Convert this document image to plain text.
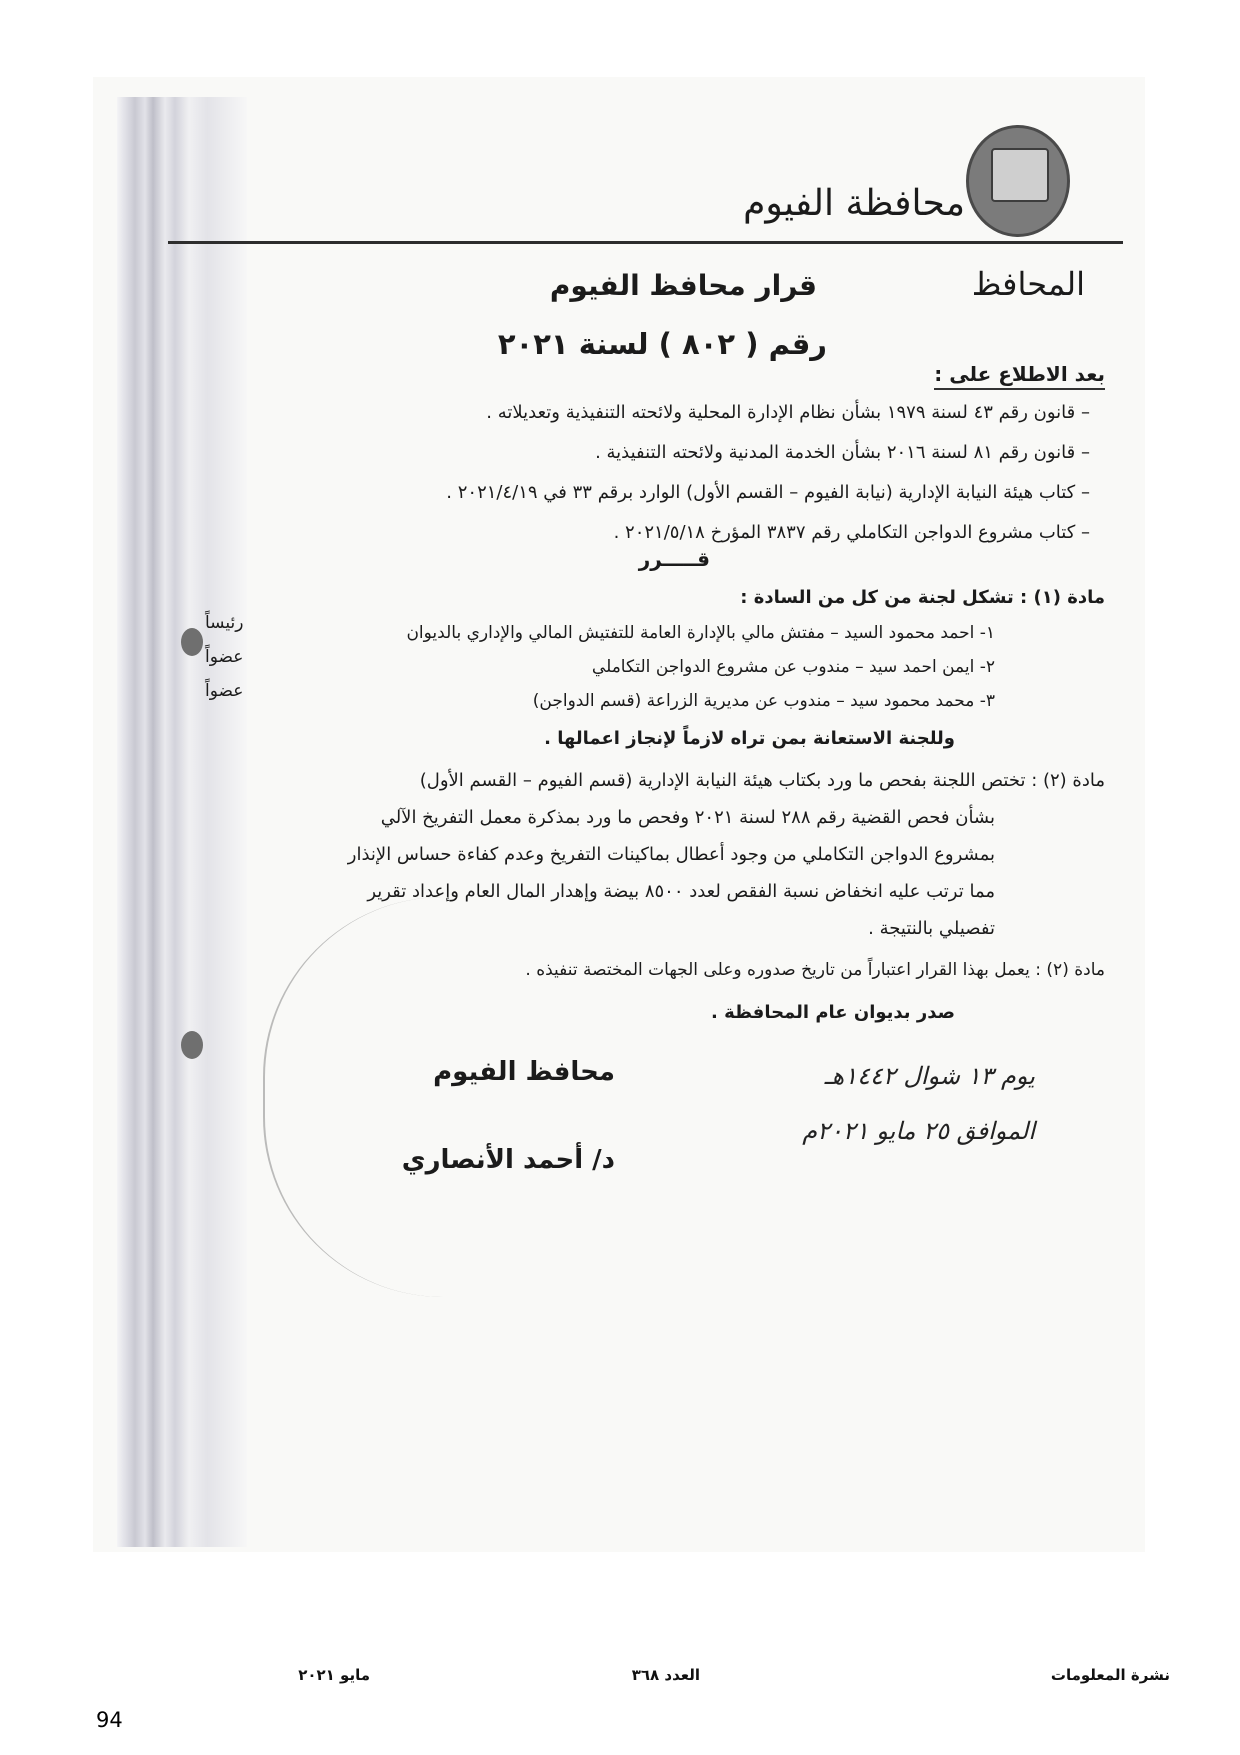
محافظة الفيوم
المحافظ
قرار محافظ الفيوم
رقم ( ٨٠٢ ) لسنة ٢٠٢١
بعد الاطلاع على :
– قانون رقم ٤٣ لسنة ١٩٧٩ بشأن نظام الإدارة المحلية ولائحته التنفيذية وتعديلاته .
– قانون رقم ٨١ لسنة ٢٠١٦ بشأن الخدمة المدنية ولائحته التنفيذية .
– كتاب هيئة النيابة الإدارية (نيابة الفيوم – القسم الأول) الوارد برقم ٣٣ في ٢٠٢١/٤/١٩ .
– كتاب مشروع الدواجن التكاملي رقم ٣٨٣٧ المؤرخ ٢٠٢١/٥/١٨ .
قـــــرر
مادة (١) : تشكل لجنة من كل من السادة :
١- احمد محمود السيد – مفتش مالي بالإدارة العامة للتفتيش المالي والإداري بالديوان
رئيساً
٢- ايمن احمد سيد – مندوب عن مشروع الدواجن التكاملي
عضواً
٣- محمد محمود سيد – مندوب عن مديرية الزراعة (قسم الدواجن)
عضواً
وللجنة الاستعانة بمن تراه لازماً لإنجاز اعمالها .
مادة (٢) : تختص اللجنة بفحص ما ورد بكتاب هيئة النيابة الإدارية (قسم الفيوم – القسم الأول)
بشأن فحص القضية رقم ٢٨٨ لسنة ٢٠٢١ وفحص ما ورد بمذكرة معمل التفريخ الآلي
بمشروع الدواجن التكاملي من وجود أعطال بماكينات التفريخ وعدم كفاءة حساس الإنذار
مما ترتب عليه انخفاض نسبة الفقص لعدد ٨٥٠٠ بيضة وإهدار المال العام وإعداد تقرير
تفصيلي بالنتيجة .
مادة (٢) : يعمل بهذا القرار اعتباراً من تاريخ صدوره وعلى الجهات المختصة تنفيذه .
صدر بديوان عام المحافظة .
محافظ الفيوم
د/ أحمد الأنصاري
يوم ١٣ شوال ١٤٤٢هـ
الموافق ٢٥ مايو ٢٠٢١م
نشرة المعلومات
العدد ٣٦٨
مايو ٢٠٢١
94
